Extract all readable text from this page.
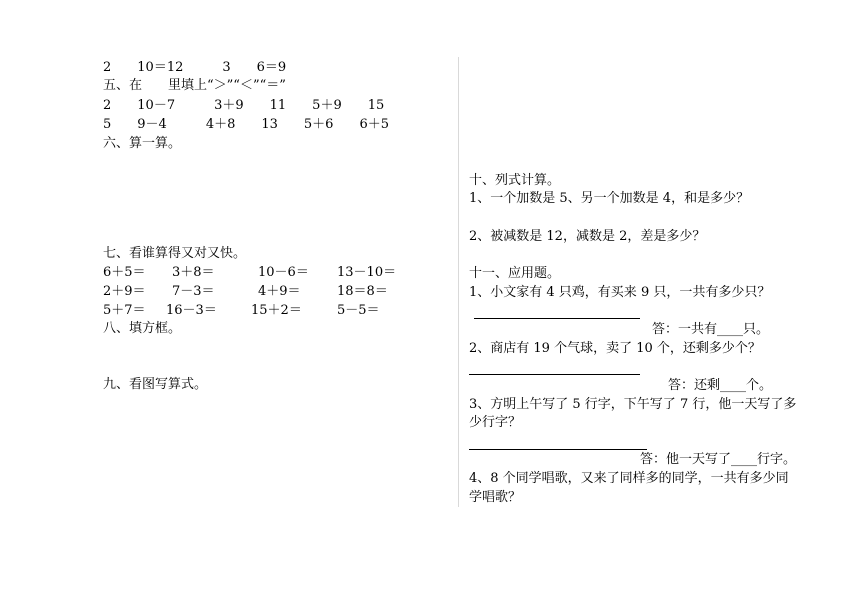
2　　10＝12　　　3　　6＝9
五、在　　里填上“＞”“＜”“＝”
2　　10－7　　　3＋9　　11　　5＋9　　15
5　　9－4　　　4＋8　　13　　5＋6　　6＋5
六、算一算。
七、看谁算得又对又快。
6＋5＝ 3＋8＝	10－6＝ 13－10＝
2＋9＝ 7－3＝	4＋9＝	18＝8＝
5＋7＝ 16－3＝	15＋2＝	5－5＝
八、填方框。
九、看图写算式。
十、列式计算。
1、一个加数是 5、另一个加数是 4，和是多少？
2、被减数是 12，减数是 2，差是多少？
十一、应用题。
1、小文家有 4 只鸡，有买来 9 只，一共有多少只？
答：一共有____只。
2、商店有 19 个气球，卖了 10 个，还剩多少个？
答：还剩____个。
3、方明上午写了 5 行字，下午写了 7 行，他一天写了多
少行字？
答：他一天写了____行字。
4、8 个同学唱歌，又来了同样多的同学，一共有多少同
学唱歌？
